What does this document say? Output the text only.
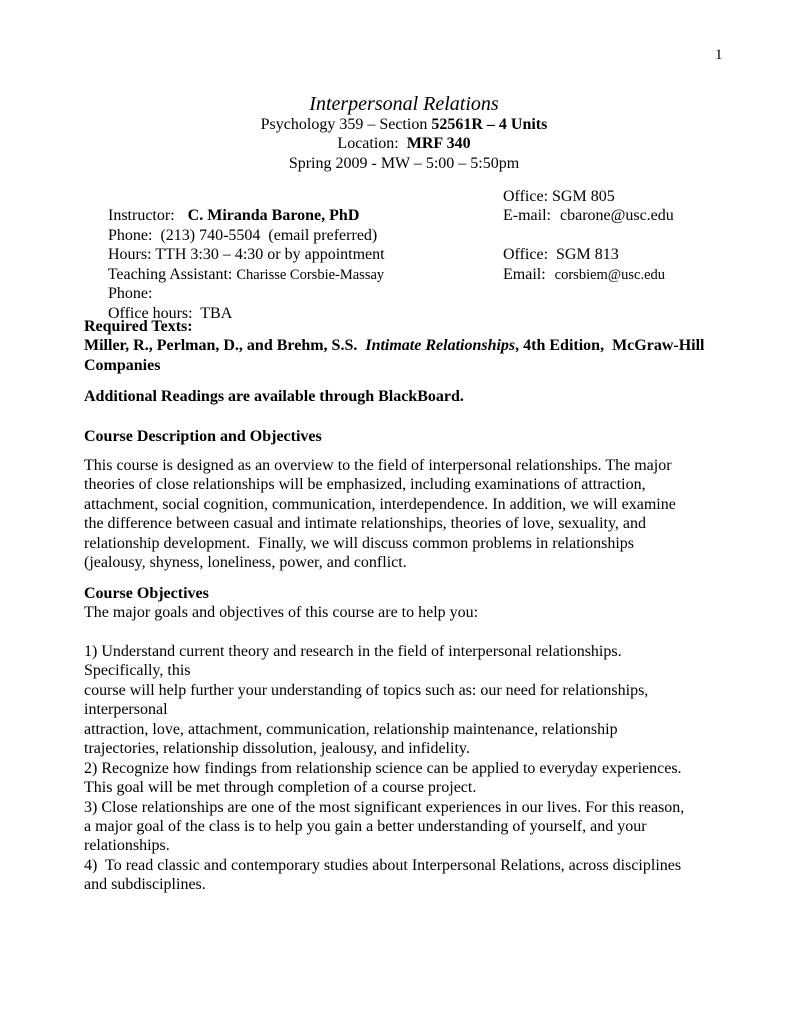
1
Interpersonal Relations
Psychology 359 – Section 52561R – 4 Units
Location:  MRF 340
Spring 2009 - MW – 5:00 – 5:50pm

Instructor: C. Miranda Barone, PhD

Office: SGM 805

Phone:  (213) 740-5504  (email preferred)

E-mail: cbarone@usc.edu

Hours: TTH 3:30 – 4:30 or by appointment

Teaching Assistant: Charisse Corsbie-Massay

Office:  SGM 813

Phone:

Email: corsbiem@usc.edu

Office hours:  TBA

Required Texts:
Miller, R., Perlman, D., and Brehm, S.S.  Intimate Relationships, 4th Edition,  McGraw-Hill
Companies
Additional Readings are available through BlackBoard.
Course Description and Objectives
This course is designed as an overview to the field of interpersonal relationships. The major
theories of close relationships will be emphasized, including examinations of attraction,
attachment, social cognition, communication, interdependence. In addition, we will examine
the difference between casual and intimate relationships, theories of love, sexuality, and
relationship development.  Finally, we will discuss common problems in relationships
(jealousy, shyness, loneliness, power, and conflict.
Course Objectives
The major goals and objectives of this course are to help you:
1) Understand current theory and research in the field of interpersonal relationships.
Specifically, this
course will help further your understanding of topics such as: our need for relationships,
interpersonal
attraction, love, attachment, communication, relationship maintenance, relationship
trajectories, relationship dissolution, jealousy, and infidelity.
2) Recognize how findings from relationship science can be applied to everyday experiences.
This goal will be met through completion of a course project.
3) Close relationships are one of the most significant experiences in our lives. For this reason,
a major goal of the class is to help you gain a better understanding of yourself, and your
relationships.
4)  To read classic and contemporary studies about Interpersonal Relations, across disciplines
and subdisciplines.
